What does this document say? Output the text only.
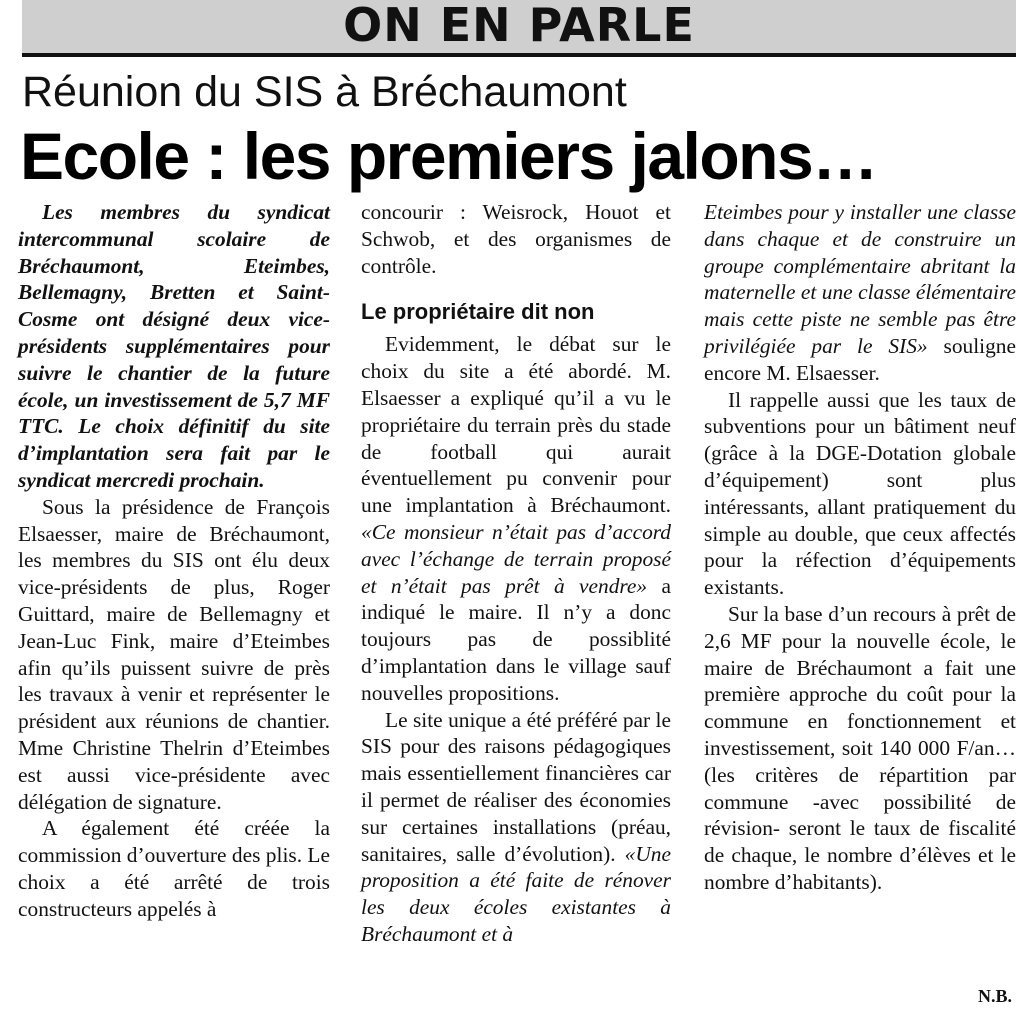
ON EN PARLE
Réunion du SIS à Bréchaumont
Ecole : les premiers jalons…

Les membres du syndicat intercommunal scolaire de Bréchaumont, Eteimbes, Bellemagny, Bretten et Saint-Cosme ont désigné deux vice-présidents supplémentaires pour suivre le chantier de la future école, un investissement de 5,7 MF TTC. Le choix définitif du site d’implantation sera fait par le syndicat mercredi prochain.

Sous la présidence de François Elsaesser, maire de Bréchaumont, les membres du SIS ont élu deux vice-présidents de plus, Roger Guittard, maire de Bellemagny et Jean-Luc Fink, maire d’Eteimbes afin qu’ils puissent suivre de près les travaux à venir et représenter le président aux réunions de chantier. Mme Christine Thelrin d’Eteimbes est aussi vice-présidente avec délégation de signature.

A également été créée la commission d’ouverture des plis. Le choix a été arrêté de trois constructeurs appelés à

concourir : Weisrock, Houot et Schwob, et des organismes de contrôle.

Le propriétaire dit non

Evidemment, le débat sur le choix du site a été abordé. M. Elsaesser a expliqué qu’il a vu le propriétaire du terrain près du stade de football qui aurait éventuellement pu convenir pour une implantation à Bréchaumont. «Ce monsieur n’était pas d’accord avec l’échange de terrain proposé et n’était pas prêt à vendre» a indiqué le maire. Il n’y a donc toujours pas de possiblité d’implantation dans le village sauf nouvelles propositions.

Le site unique a été préféré par le SIS pour des raisons pédagogiques mais essentiellement financières car il permet de réaliser des économies sur certaines installations (préau, sanitaires, salle d’évolution). «Une proposition a été faite de rénover les deux écoles existantes à Bréchaumont et à

Eteimbes pour y installer une classe dans chaque et de construire un groupe complémentaire abritant la maternelle et une classe élémentaire mais cette piste ne semble pas être privilégiée par le SIS» souligne encore M. Elsaesser.

Il rappelle aussi que les taux de subventions pour un bâtiment neuf (grâce à la DGE-Dotation globale d’équipement) sont plus intéressants, allant pratiquement du simple au double, que ceux affectés pour la réfection d’équipements existants.

Sur la base d’un recours à prêt de 2,6 MF pour la nouvelle école, le maire de Bréchaumont a fait une première approche du coût pour la commune en fonctionnement et investissement, soit 140 000 F/an… (les critères de répartition par commune -avec possibilité de révision- seront le taux de fiscalité de chaque, le nombre d’élèves et le nombre d’habitants).

N.B.
